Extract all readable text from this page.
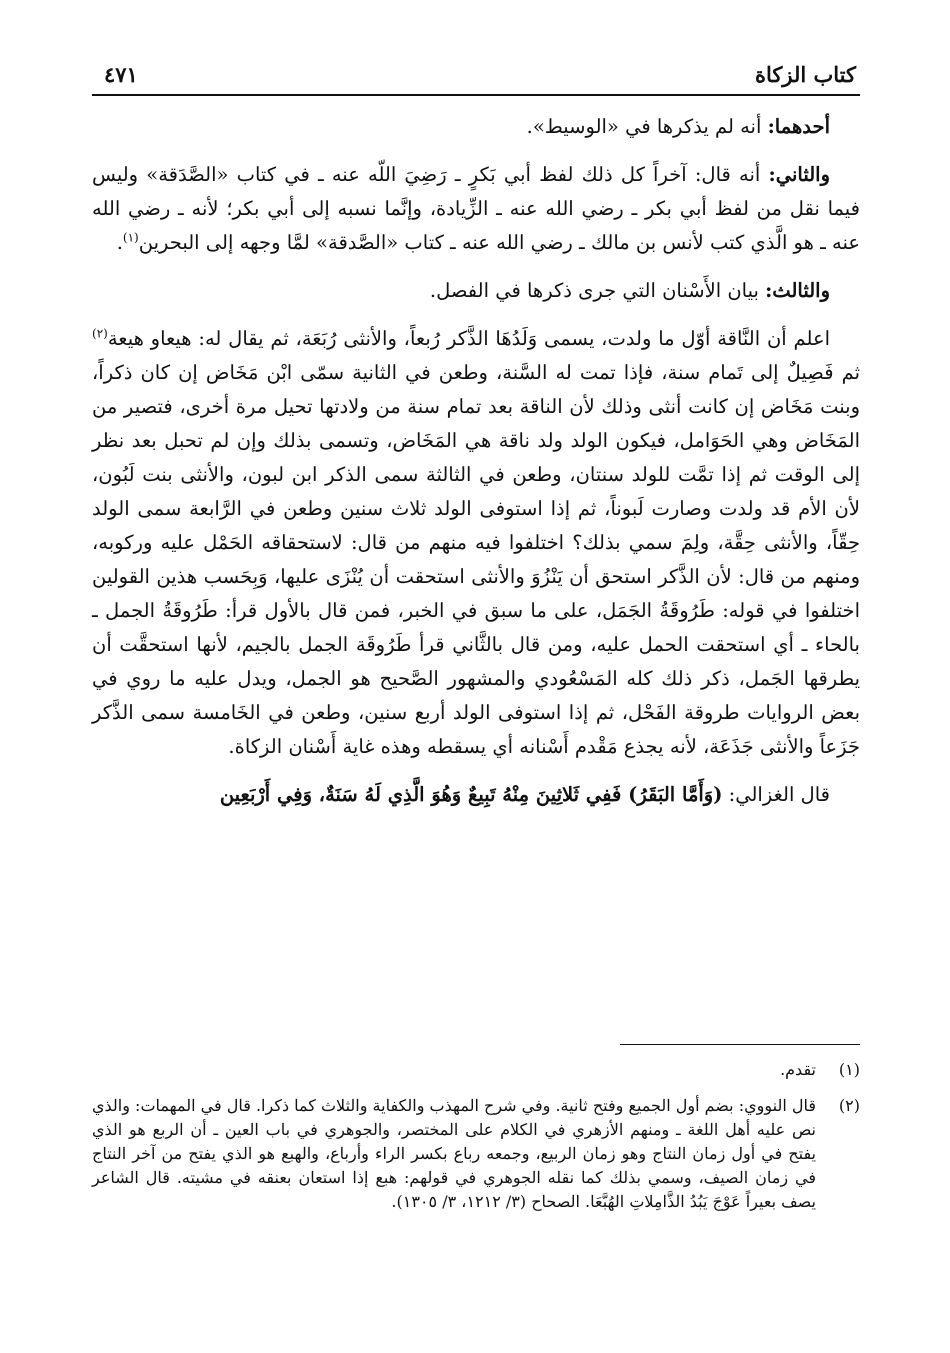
كتاب الزكاة
٤٧١

أحدهما: أنه لم يذكرها في «الوسيط».

والثاني: أنه قال: آخراً كل ذلك لفظ أبي بَكرٍ ـ رَضِيَ اللّه عنه ـ في كتاب «الصَّدَقة» وليس فيما نقل من لفظ أبي بكر ـ رضي الله عنه ـ الزِّيادة، وإنَّما نسبه إلى أبي بكر؛ لأنه ـ رضي الله عنه ـ هو الَّذي كتب لأنس بن مالك ـ رضي الله عنه ـ كتاب «الصَّدقة» لمَّا وجهه إلى البحرين$^{(١)}$.

والثالث: بيان الأَسْنان التي جرى ذكرها في الفصل.

اعلم أن النَّاقة أوّل ما ولدت، يسمى وَلَدُهَا الذَّكر رُبعاً، والأنثى رُبَعَة، ثم يقال له: هيعاو هيعة$^{(٢)}$ ثم فَصِيلٌ إلى تَمام سنة، فإذا تمت له السَّنة، وطعن في الثانية سمّى ابْن مَخَاض إن كان ذكراً، وبنت مَخَاض إن كانت أنثى وذلك لأن الناقة بعد تمام سنة من ولادتها تحيل مرة أخرى، فتصير من المَخَاض وهي الحَوَامل، فيكون الولد ولد ناقة هي المَخَاض، وتسمى بذلك وإن لم تحبل بعد نظر إلى الوقت ثم إذا تمَّت للولد سنتان، وطعن في الثالثة سمى الذكر ابن لبون، والأنثى بنت لَبُون، لأن الأم قد ولدت وصارت لَبوناً، ثم إذا استوفى الولد ثلاث سنين وطعن في الرَّابعة سمى الولد حِقّاً، والأنثى حِقَّة، ولِمَ سمي بذلك؟ اختلفوا فيه منهم من قال: لاستحقاقه الحَمْل عليه وركوبه، ومنهم من قال: لأن الذَّكر استحق أن يَنْزُوَ والأنثى استحقت أن يُنْزَى عليها، وَبِحَسب هذين القولين اختلفوا في قوله: طَرُوقَةُ الجَمَل، على ما سبق في الخبر، فمن قال بالأول قرأ: طَرُوقَةُ الجمل ـ بالحاء ـ أي استحقت الحمل عليه، ومن قال بالثَّاني قرأ طَرُوقَة الجمل بالجيم، لأنها استحقَّت أن يطرقها الجَمل، ذكر ذلك كله المَسْعُودي والمشهور الصَّحيح هو الجمل، ويدل عليه ما روي في بعض الروايات طروقة الفَحْل، ثم إذا استوفى الولد أربع سنين، وطعن في الخَامسة سمى الذَّكر جَزَعاً والأنثى جَذَعَة، لأنه يجذع مَقْدم أَسْنانه أي يسقطه وهذه غاية أَسْنان الزكاة.

قال الغزالي: (وَأَمَّا البَقَرُ) فَفِي ثَلاثِينَ مِنْهُ تَبِيعٌ وَهُوَ الَّذِي لَهُ سَنَةٌ، وَفِي أَرْبَعِين

(١)
تقدم.
(٢)
قال النووي: بضم أول الجميع وفتح ثانية. وفي شرح المهذب والكفاية والثلاث كما ذكرا. قال في المهمات: والذي نص عليه أهل اللغة ـ ومنهم الأزهري في الكلام على المختصر، والجوهري في باب العين ـ أن الربع هو الذي يفتح في أول زمان النتاج وهو زمان الربيع، وجمعه رباع بكسر الراء وأرباع، والهبع هو الذي يفتح من آخر النتاج في زمان الصيف، وسمي بذلك كما نقله الجوهري في قولهم: هبع إذا استعان بعنقه في مشيته. قال الشاعر يصف بعيراً عَوْجَ يَبُدُ الذَّامِلاتِ الهُبَّعَا. الصحاح (٣/ ١٢١٢، ٣/ ١٣٠٥).
